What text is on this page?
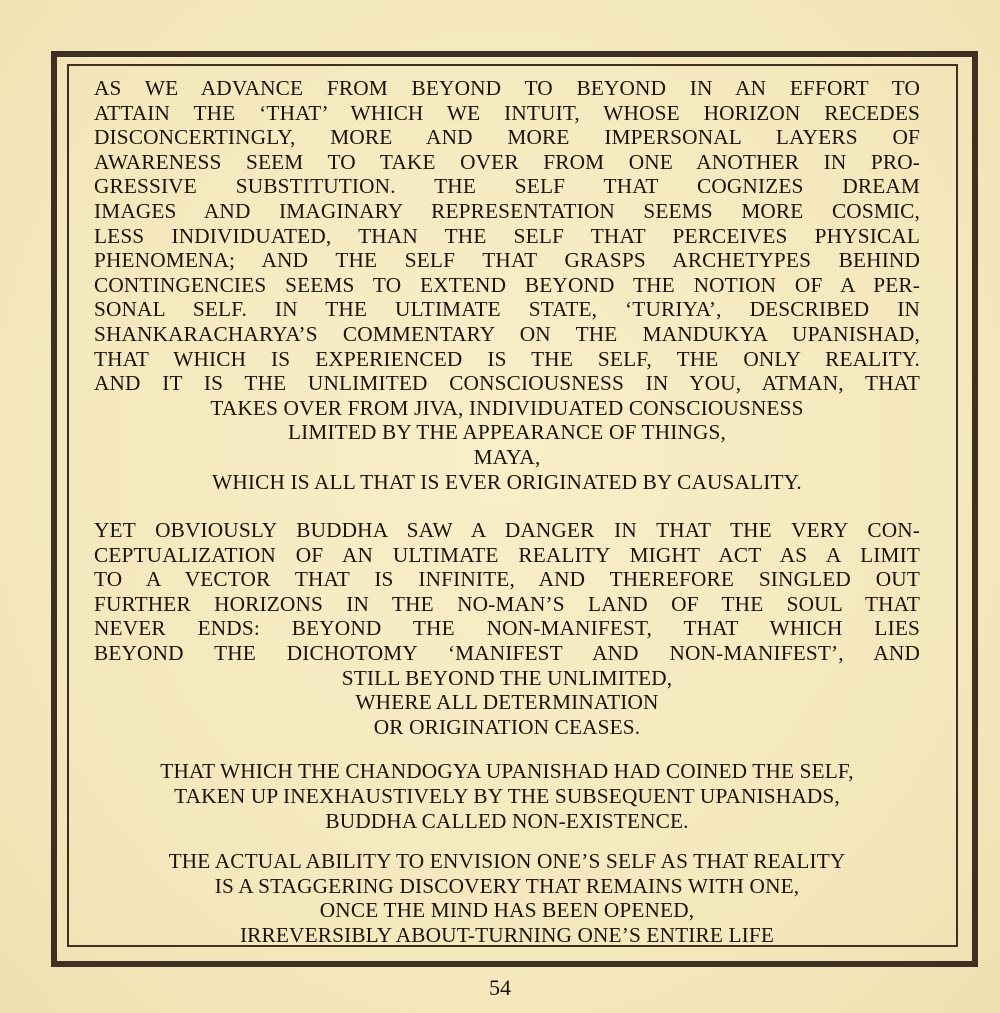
AS WE ADVANCE FROM BEYOND TO BEYOND IN AN EFFORT TO
ATTAIN THE ‘THAT’ WHICH WE INTUIT, WHOSE HORIZON RECEDES
DISCONCERTINGLY, MORE AND MORE IMPERSONAL LAYERS OF
AWARENESS SEEM TO TAKE OVER FROM ONE ANOTHER IN PRO-
GRESSIVE SUBSTITUTION. THE SELF THAT COGNIZES DREAM
IMAGES AND IMAGINARY REPRESENTATION SEEMS MORE COSMIC,
LESS INDIVIDUATED, THAN THE SELF THAT PERCEIVES PHYSICAL
PHENOMENA; AND THE SELF THAT GRASPS ARCHETYPES BEHIND
CONTINGENCIES SEEMS TO EXTEND BEYOND THE NOTION OF A PER-
SONAL SELF. IN THE ULTIMATE STATE, ‘TURIYA’, DESCRIBED IN
SHANKARACHARYA’S COMMENTARY ON THE MANDUKYA UPANISHAD,
THAT WHICH IS EXPERIENCED IS THE SELF, THE ONLY REALITY.
AND IT IS THE UNLIMITED CONSCIOUSNESS IN YOU, ATMAN, THAT
TAKES OVER FROM JIVA, INDIVIDUATED CONSCIOUSNESS
LIMITED BY THE APPEARANCE OF THINGS,
MAYA,
WHICH IS ALL THAT IS EVER ORIGINATED BY CAUSALITY.
YET OBVIOUSLY BUDDHA SAW A DANGER IN THAT THE VERY CON-
CEPTUALIZATION OF AN ULTIMATE REALITY MIGHT ACT AS A LIMIT
TO A VECTOR THAT IS INFINITE, AND THEREFORE SINGLED OUT
FURTHER HORIZONS IN THE NO-MAN’S LAND OF THE SOUL THAT
NEVER ENDS: BEYOND THE NON-MANIFEST, THAT WHICH LIES
BEYOND THE DICHOTOMY ‘MANIFEST AND NON-MANIFEST’, AND
STILL BEYOND THE UNLIMITED,
WHERE ALL DETERMINATION
OR ORIGINATION CEASES.
THAT WHICH THE CHANDOGYA UPANISHAD HAD COINED THE SELF,
TAKEN UP INEXHAUSTIVELY BY THE SUBSEQUENT UPANISHADS,
BUDDHA CALLED NON-EXISTENCE.
THE ACTUAL ABILITY TO ENVISION ONE’S SELF AS THAT REALITY
IS A STAGGERING DISCOVERY THAT REMAINS WITH ONE,
ONCE THE MIND HAS BEEN OPENED,
IRREVERSIBLY ABOUT-TURNING ONE’S ENTIRE LIFE
54
